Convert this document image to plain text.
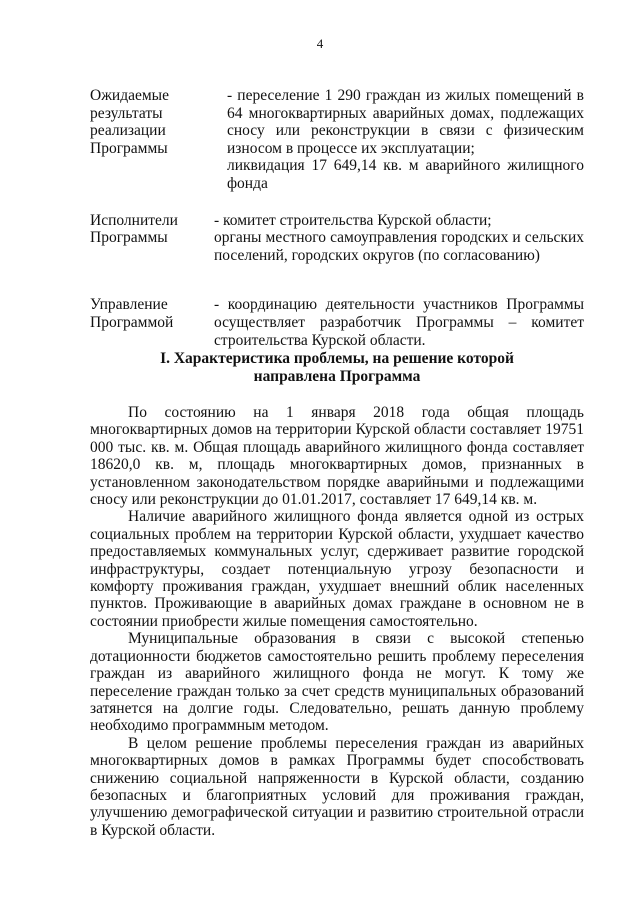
4
Ожидаемые результаты реализации Программы
- переселение 1 290 граждан из жилых помещений в 64 многоквартирных аварийных домах, подлежащих сносу или реконструкции в связи с физическим износом в процессе их эксплуатации;
ликвидация 17 649,14 кв. м аварийного жилищного фонда
Исполнители Программы
- комитет строительства Курской области;
органы местного самоуправления городских и сельских поселений, городских округов (по согласованию)
Управление Программой
- координацию деятельности участников Программы осуществляет разработчик Программы – комитет строительства Курской области.
I. Характеристика проблемы, на решение которой
направлена Программа

По состоянию на 1 января 2018 года общая площадь многоквартирных домов на территории Курской области составляет 19751 000 тыс. кв. м. Общая площадь аварийного жилищного фонда составляет 18620,0 кв. м, площадь многоквартирных домов, признанных в установленном законодательством порядке аварийными и подлежащими сносу или реконструкции до 01.01.2017, составляет 17 649,14 кв. м.

Наличие аварийного жилищного фонда является одной из острых социальных проблем на территории Курской области, ухудшает качество предоставляемых коммунальных услуг, сдерживает развитие городской инфраструктуры, создает потенциальную угрозу безопасности и комфорту проживания граждан, ухудшает внешний облик населенных пунктов. Проживающие в аварийных домах граждане в основном не в состоянии приобрести жилые помещения самостоятельно.

Муниципальные образования в связи с высокой степенью дотационности бюджетов самостоятельно решить проблему переселения граждан из аварийного жилищного фонда не могут. К тому же переселение граждан только за счет средств муниципальных образований затянется на долгие годы. Следовательно, решать данную проблему необходимо программным методом.

В целом решение проблемы переселения граждан из аварийных многоквартирных домов в рамках Программы будет способствовать снижению социальной напряженности в Курской области, созданию безопасных и благоприятных условий для проживания граждан, улучшению демографической ситуации и развитию строительной отрасли в Курской области.
